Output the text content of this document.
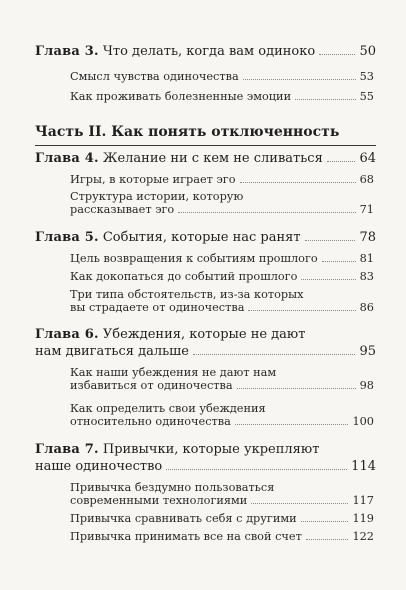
Глава 3. Что делать, когда вам одиноко	50
Смысл чувства одиночества	53
Как проживать болезненные эмоции	55
Часть II. Как понять отключенность
Глава 4. Желание ни с кем не сливаться	64
Игры, в которые играет эго	68
Структура истории, которую
рассказывает эго	71
Глава 5. События, которые нас ранят	78
Цель возвращения к событиям прошлого	81
Как докопаться до событий прошлого	83
Три типа обстоятельств, из-за которых
вы страдаете от одиночества	86
Глава 6. Убеждения, которые не дают
нам двигаться дальше	95
Как наши убеждения не дают нам
избавиться от одиночества	98
Как определить свои убеждения
относительно одиночества	100
Глава 7. Привычки, которые укрепляют
наше одиночество	114
Привычка бездумно пользоваться
современными технологиями	117
Привычка сравнивать себя с другими	119
Привычка принимать все на свой счет	122
